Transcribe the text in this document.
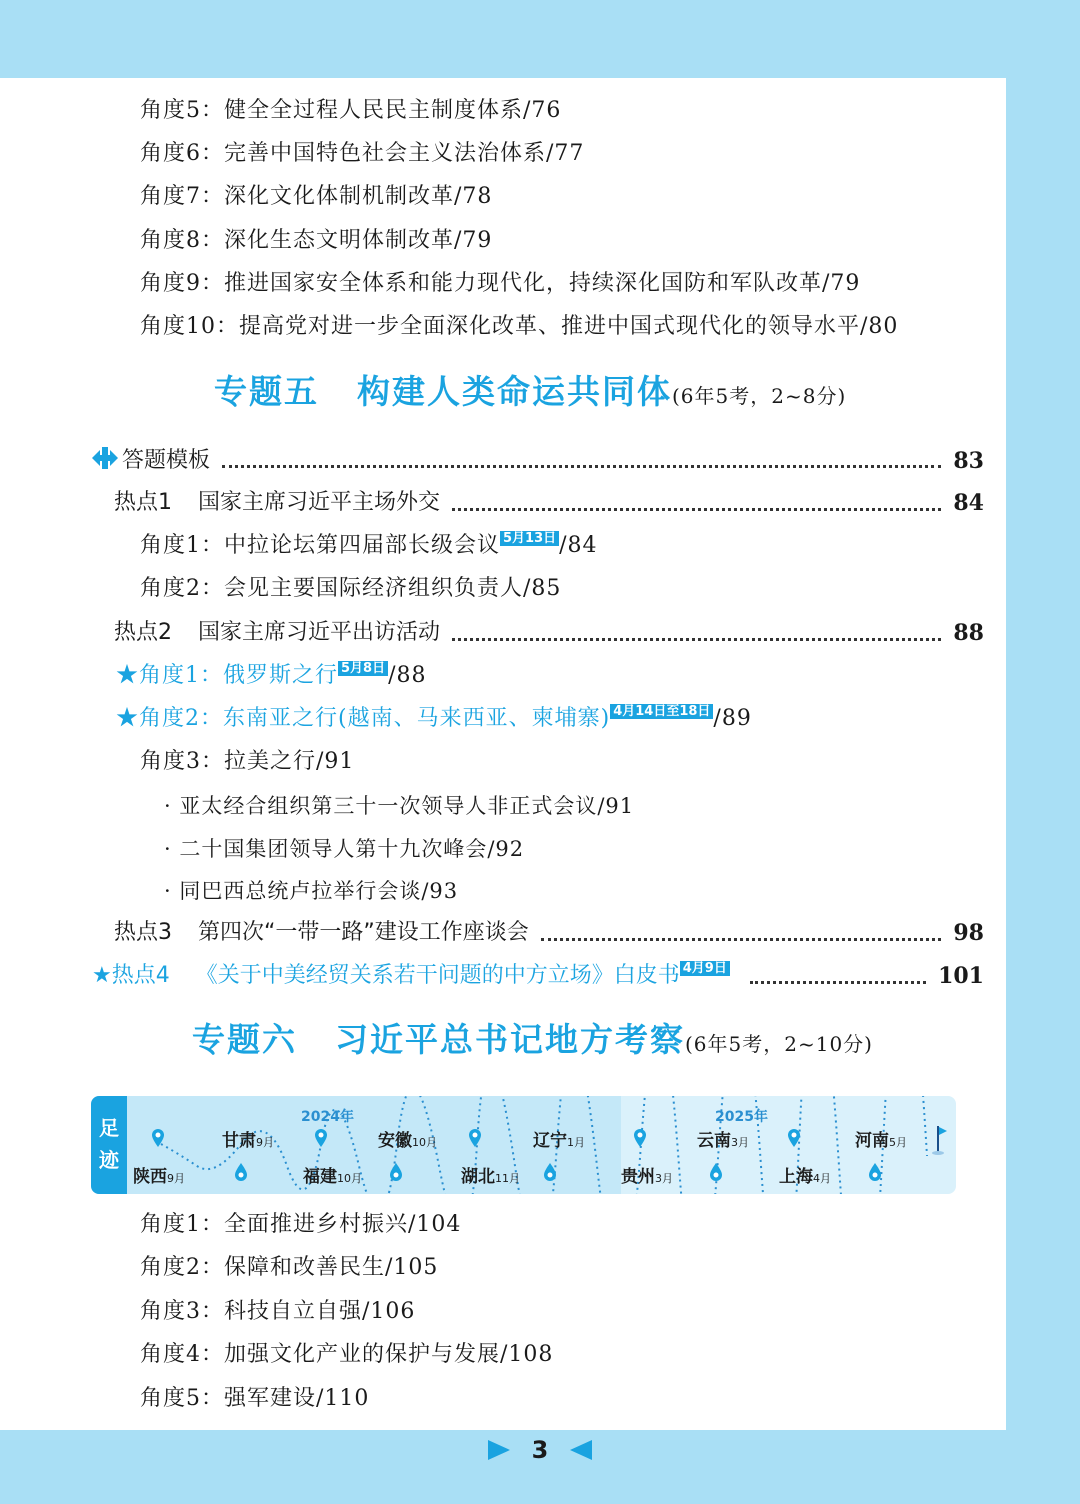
角度5：健全全过程人民民主制度体系/76
角度6：完善中国特色社会主义法治体系/77
角度7：深化文化体制机制改革/78
角度8：深化生态文明体制改革/79
角度9：推进国家安全体系和能力现代化，持续深化国防和军队改革/79
角度10：提高党对进一步全面深化改革、推进中国式现代化的领导水平/80
专题五 构建人类命运共同体(6年5考，2~8分)
答题模板	83
热点1 国家主席习近平主场外交	84
角度1：中拉论坛第四届部长级会议 5月13日 /84
角度2：会见主要国际经济组织负责人/85
热点2 国家主席习近平出访活动	88
★角度1：俄罗斯之行 5月8日 /88
★角度2：东南亚之行(越南、马来西亚、柬埔寨) 4月14日至18日 /89
角度3：拉美之行/91
· 亚太经合组织第三十一次领导人非正式会议/91
· 二十国集团领导人第十九次峰会/92
· 同巴西总统卢拉举行会谈/93
热点3 第四次“一带一路”建设工作座谈会	98
★热点4 《关于中美经贸关系若干问题的中方立场》白皮书 4月9日	101
专题六 习近平总书记地方考察(6年5考，2~10分)
足
迹
2024年	2025年
陕西9月
甘肃9月
福建10月
安徽10月
湖北11月
辽宁1月
贵州3月
云南3月
上海4月
河南5月
角度1：全面推进乡村振兴/104
角度2：保障和改善民生/105
角度3：科技自立自强/106
角度4：加强文化产业的保护与发展/108
角度5：强军建设/110
3
